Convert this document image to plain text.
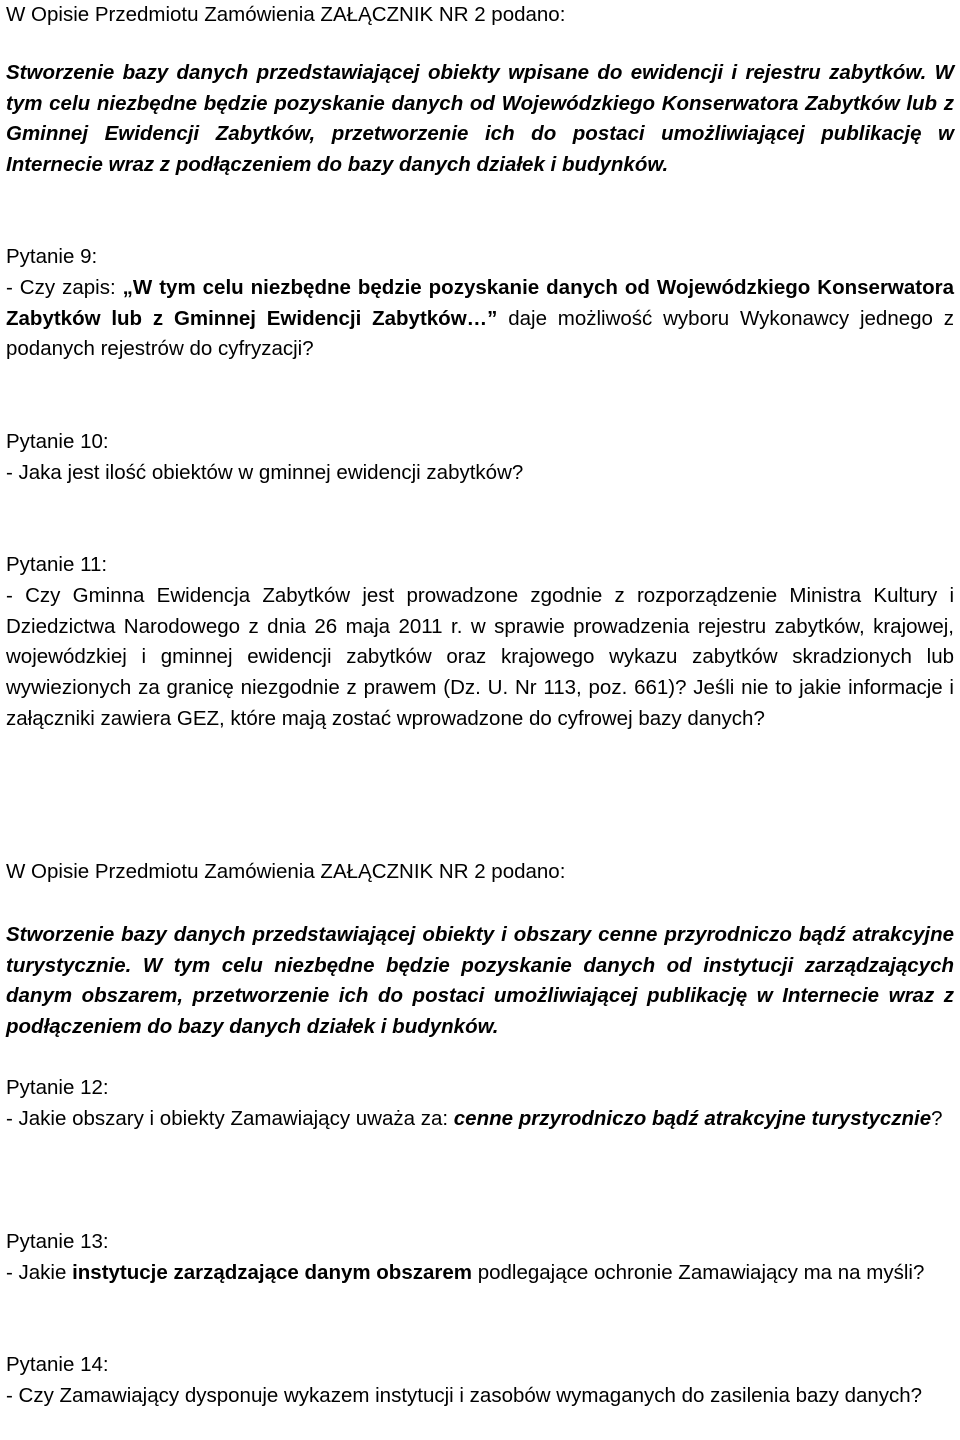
W Opisie Przedmiotu Zamówienia ZAŁĄCZNIK NR 2 podano:

Stworzenie bazy danych przedstawiającej obiekty wpisane do ewidencji i rejestru zabytków. W tym celu niezbędne będzie pozyskanie danych od Wojewódzkiego Konserwatora Zabytków lub z Gminnej Ewidencji Zabytków, przetworzenie ich do postaci umożliwiającej publikację w Internecie wraz z podłączeniem do bazy danych działek i budynków.

Pytanie 9:

- Czy zapis: „W tym celu niezbędne będzie pozyskanie danych od Wojewódzkiego Konserwatora Zabytków lub z Gminnej Ewidencji Zabytków…” daje możliwość wyboru Wykonawcy jednego z podanych rejestrów do cyfryzacji?

Pytanie 10:

- Jaka jest ilość obiektów w gminnej ewidencji zabytków?

Pytanie 11:

- Czy Gminna Ewidencja Zabytków jest prowadzone zgodnie z rozporządzenie Ministra Kultury i Dziedzictwa Narodowego z dnia 26 maja 2011 r. w sprawie prowadzenia rejestru zabytków, krajowej, wojewódzkiej i gminnej ewidencji zabytków oraz krajowego wykazu zabytków skradzionych lub wywiezionych za granicę niezgodnie z prawem (Dz. U. Nr 113, poz. 661)? Jeśli nie to jakie informacje i załączniki zawiera GEZ, które mają zostać wprowadzone do cyfrowej bazy danych?

W Opisie Przedmiotu Zamówienia ZAŁĄCZNIK NR 2 podano:

Stworzenie bazy danych przedstawiającej obiekty i obszary cenne przyrodniczo bądź atrakcyjne turystycznie. W tym celu niezbędne będzie pozyskanie danych od instytucji zarządzających danym obszarem, przetworzenie ich do postaci umożliwiającej publikację w Internecie wraz z podłączeniem do bazy danych działek i budynków.

Pytanie 12:

- Jakie obszary i obiekty Zamawiający uważa za: cenne przyrodniczo bądź atrakcyjne turystycznie?

Pytanie 13:

- Jakie instytucje zarządzające danym obszarem podlegające ochronie Zamawiający ma na myśli?

Pytanie 14:

- Czy Zamawiający dysponuje wykazem instytucji i zasobów wymaganych do zasilenia bazy danych?
